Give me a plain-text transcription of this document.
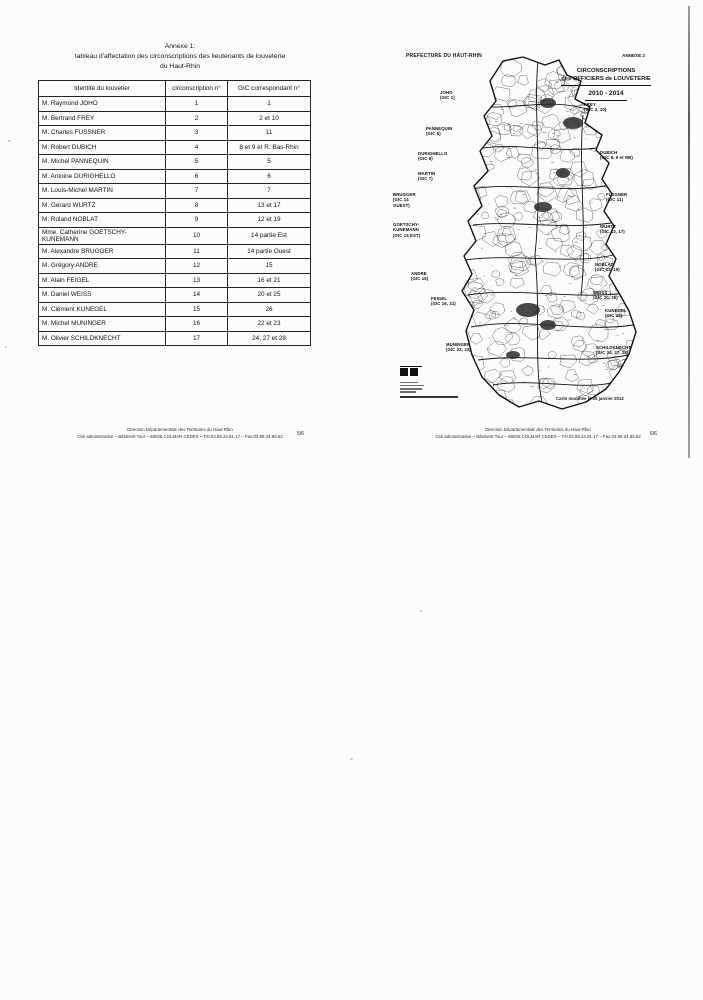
Annexe 1:
tableau d'affectation des circonscriptions des lieutenants de louveterie
du Haut-Rhin
Identité du louvetier	circonscription n°	GIC correspondant n°
M. Raymond JOHO	1	1
M. Bertrand FREY	2	2 et 10
M. Charles FUSSNER	3	11
M. Robert DUBICH	4	8 et 9 et R. Bas-Rhin
M. Michel PANNEQUIN	5	5
M. Antoine DURIGHELLO	6	6
M. Louis-Michel MARTIN	7	7
M. Gérard WURTZ	8	13 et 17
M. Roland NOBLAT	9	12 et 19
Mme. Catherine GOETSCHY-KUNEMANN	10	14 partie Est
M. Alexandre BRUGGER	11	14 partie Ouest
M. Grégory ANDRE	12	15
M. Alain FEIGEL	13	16 et 21
M. Daniel WEISS	14	20 et 25
M. Clément KUNEGEL	15	26
M. Michel MUNINGER	16	22 et 23
M. Olivier SCHILDKNECHT	17	24, 27 et 28
Direction Départementale des Territoires du Haut-Rhin
Cité administrative – Bâtiment Tour – 68026 COLMAR CEDEX – Tél.03.89.24.81.17 – Fax.03.89.24.85.62	5/6
PREFECTURE DU HAUT-RHIN	ANNEXE 2
CIRCONSCRIPTIONS
des OFFICIERS de LOUVETERIE
2010 - 2014
JOHO
(GIC 1)
PANNEQUIN
(GIC 5)
DURIGHELLO
(GIC 6)
MARTIN
(GIC 7)
BRUGGER
(GIC 14 OUEST)
GOETSCHY-KUNEMANN
(GIC 14 EST)
ANDRE
(GIC 15)
FEIGEL
(GIC 16, 21)
MUNINGER
(GIC 22, 23)
FREY
(GIC 2, 10)
DUBICH
(GIC 8, 9 et RB)
FUSSNER
(GIC 11)
WURTZ
(GIC 13, 17)
NOBLAT
(GIC 12, 19)
WEISS
(GIC 20, 25)
KUNEGEL
(GIC 26)
SCHILDKNECHT
(GIC 24, 27, 28)
Carte modifiée le 26 janvier 2012
Direction Départementale des Territoires du Haut-Rhin
Cité administrative – Bâtiment Tour – 68026 COLMAR CEDEX – Tél.03.89.24.81.17 – Fax.03.89.24.85.62	6/6
